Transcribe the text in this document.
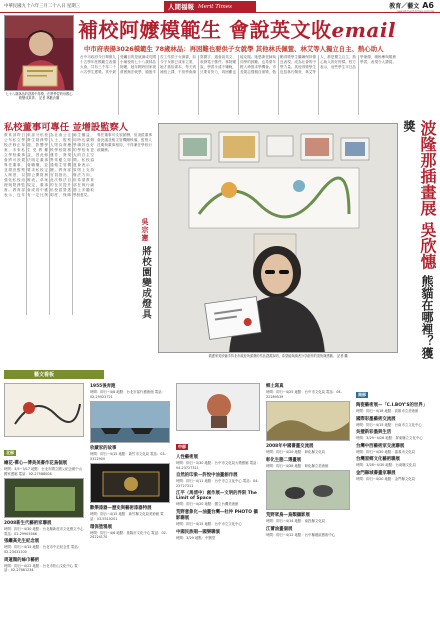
中華民國九十六年三月二十八日 星期三	人間福報 Merit Times	教育／藝文 A6
news@merit-times.com.tw
七十八歲林品的證書中得獎，在將學習的母親心路變成真實。 記者 林歡沂攝
補校阿嬤模範生 會說英文收email
中市府表揚3026模範生 78歲林品：再困難也要供子女就學 其他林氏佩萱、林艾等人獨立自主、熱心助人
台中市政府今日舉辦九十五學年度模範生表揚大會，共有三千零二十六名學生獲獎。其中最受矚目的是就讀成功國小補校的七十八歲林品阿嬤，她年輕時因家境貧困無法就學，婚後辛苦工作供子女讀書，如今子女都已成家立業，她才重拾書本，每天到補校上課，不但學會讀寫國字，還會說英文、收發電子郵件。林阿嬤說，學習永遠不嫌晚，只要肯努力，再困難也能克服。她感謝老師與同學的鼓勵，也希望年輕人珍惜求學機會。市長胡志強親自頒獎，勉勵得獎學生繼續保持優良表現，成為社會的中堅力量。其他得獎學生包括林氏佩萱、林艾等人，都是獨立自主、熱心助人的好榜樣。校方表示，這些學生平日品學兼優，積極參與服務學習，表現令人讚賞。
私校董事可專任 並增設監察人
教育部昨日公布私立學校法修正草案，未來私立學校董事會將可設置專任董事，並增設監察人制度，以強化私校治理與財務監督。教育部表示，近年來部分私校發生財務弊端，影響學生受教權益，因此修法明定董事會職權，並要求私校定期公開財務報表。草案規定，董事會成員中應有一定比例為社會公正人士，監察人則負責稽核學校財務運作，發現異常應立即通報主管機關。教育部官員指出，此次修法目的在於提升私校經營透明度，保障師生權益，同時也讓辦學績效良好的學校有更大的自主空間。私校協進會表示，原則上支持修法方向，但希望教育部在執行細節上多聽取學校意見。
專任董事可支領薪酬，但須經董事會決議並報主管機關核備。監察人任期與董事相同，不得兼任學校行政職務。
吳宗憲 將校園變成燈具
插畫家吳欣憓手持北市政府所頒發的作品證書說明，希望能與讀者分享創作的喜悅與感動。 記者 攝
波隆那插畫展 吳欣憓 熊貓在哪裡？獲獎
藝文看板
北部
繪花‧禪心—傅美美書作花鳥個展
時間：3/5~3/17 地點：台北市國立國父紀念館中山國家畫廊 電話：02-27588008
2008新生代藝術家聯展
時間：即日~4/30 地點：台北縣新莊市文化藝文中心 電話：02-29905566
張繼高先生紀念展
時間：即日~4/15 地點：台北市中正紀念堂 電話：02-23431100
周蓮顏的絲巾藝術
時間：即日~4/22 地點：台北市松山文化中心 電話：02-27661234
1955後奔跑
時間：即日~4/8 地點：台北市當代藝術館 電話：02-25523721
收藏家的故事
時間：即日~4/15 地點：新竹市文化局 電話：03-5322900
歡樂漆器—歷史與藝術漆器特展
時間：即日~4/15 地點：新竹縣文化局美術館 電話：03-5510201
環保塗鴉展
時間：即日~4/6 地點：基隆市文化中心 電話：02-24224170
中部
人性藝術展
時間：即日~3/30 地點：台中市文化局大墩藝廊 電話：04-23727311
自然的印象—許悅中油畫創作展
時間：即日~4/11 地點：台中市立文化中心 電話：04-23727311
江平（馬清中）創作展—文明的界限 The Limit of Space
時間：即日~4/20 地點：國立台灣美術館
荒野意象化—油畫台灣—杜仲 PHOTO 攝影聯展
時間：即日~4/15 地點：台中市立文化中心
中國民族唱—國樂聯演
時間：3/29 地點：中興堂
鄉土寫真
時間：即日~4/25 地點：台中市文化局 電話：04-22289539
2008年中國書畫交流展
時間：即日~4/20 地點：彰化縣文化局
彰化生態二選畫展
時間：即日~4/28 地點：彰化縣立美術館
荒野眾鳥—鳥類攝影展
時間：即日~4/14 地點：南投縣文化局
江蕾油畫個展
時間：即日~4/12 地點：台中縣港區藝術中心
南部
陶瓷藝術展—「C.I.BOY'S的世界」
時間：即日~4/18 地點：高雄市立美術館
國際彩墨藝術交流展
時間：即日~4/15 地點：台南市立文化中心
吳璧新彩墨與生活
時間：3/29~4/26 地點：屏東縣立文化中心
台灣中西藝術家交流聯展
時間：即日~4/30 地點：嘉義市文化局
台灣原鄉文化藝術聯展
時間：3/28~4/30 地點：台南縣文化局
金門縣城書畫家聯展
時間：即日~4/20 地點：金門縣文化局
